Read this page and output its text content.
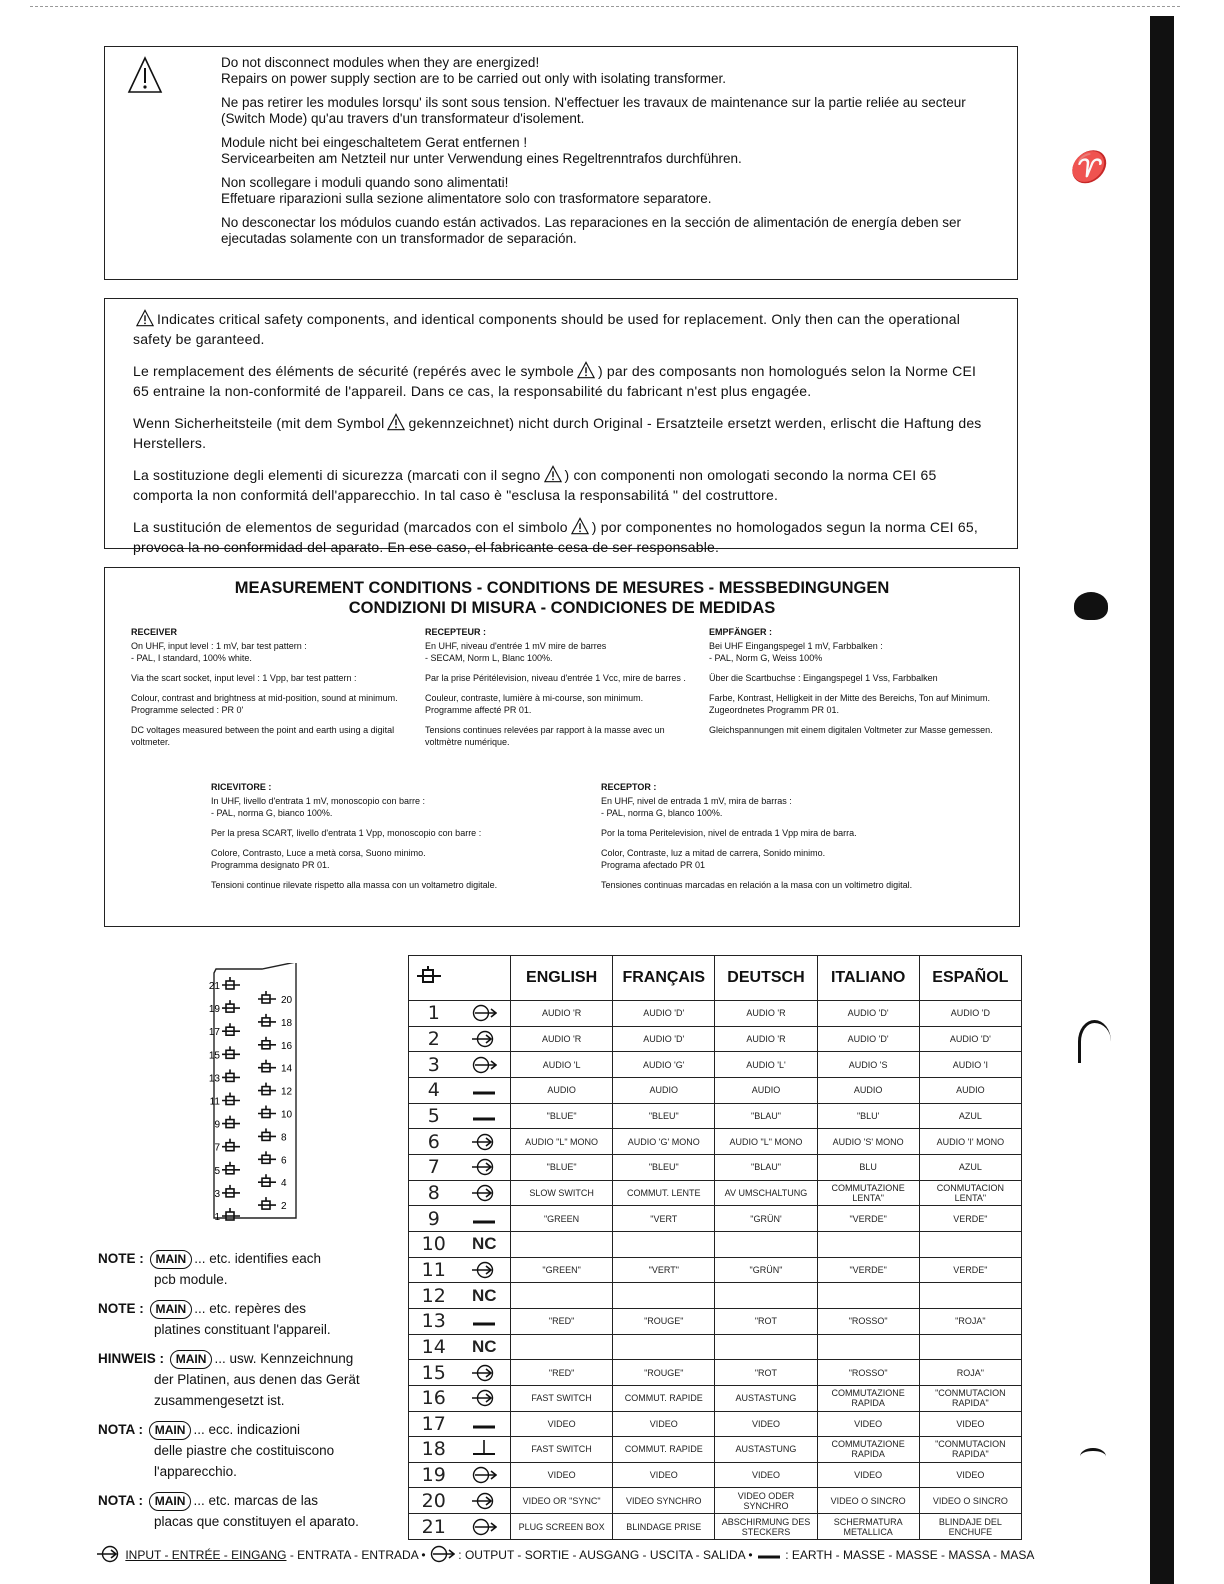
♈

Do not disconnect modules when they are energized!
Repairs on power supply section are to be carried out only with isolating transformer.

Ne pas retirer les modules lorsqu' ils sont sous tension. N'effectuer les travaux de maintenance sur la partie reliée au secteur (Switch Mode) qu'au travers d'un transformateur d'isolement.

Module nicht bei eingeschaltetem Gerat entfernen !
Servicearbeiten am Netzteil nur unter Verwendung eines Regeltrenntrafos durchführen.

Non scollegare i moduli quando sono alimentati!
Effetuare riparazioni sulla sezione alimentatore solo con trasformatore separatore.

No desconectar los módulos cuando están activados. Las reparaciones en la sección de alimentación de energía deben ser ejecutadas solamente con un transformador de separación.

Indicates critical safety components, and identical components should be used for replacement. Only then can the operational safety be garanteed.

Le remplacement des éléments de sécurité (repérés avec le symbole ) par des composants non homologués selon la Norme CEI 65 entraine la non-conformité de l'appareil. Dans ce cas, la responsabilité du fabricant n'est plus engagée.

Wenn Sicherheitsteile (mit dem Symbol gekennzeichnet) nicht durch Original - Ersatzteile ersetzt werden, erlischt die Haftung des Herstellers.

La sostituzione degli elementi di sicurezza (marcati con il segno ) con componenti non omologati secondo la norma CEI 65 comporta la non conformitá dell'apparecchio. In tal caso è "esclusa la responsabilitá " del costruttore.

La sustitución de elementos de seguridad (marcados con el simbolo ) por componentes no homologados segun la norma CEI 65, provoca la no conformidad del aparato. En ese caso, el fabricante cesa de ser responsable.

MEASUREMENT CONDITIONS - CONDITIONS DE MESURES - MESSBEDINGUNGEN
CONDIZIONI DI MISURA - CONDICIONES DE MEDIDAS
RECEIVER

On UHF, input level : 1 mV, bar test pattern :
- PAL, I standard, 100% white.

Via the scart socket, input level : 1 Vpp, bar test pattern :

Colour, contrast and brightness at mid-position, sound at minimum.
Programme selected : PR 0'

DC voltages measured between the point and earth using a digital
voltmeter.

RECEPTEUR :

En UHF, niveau d'entrée 1 mV mire de barres
- SECAM, Norm L, Blanc 100%.

Par la prise Péritélevision, niveau d'entrée 1 Vcc, mire de barres .

Couleur, contraste, lumière à mi-course, son minimum.
Programme affecté PR 01.

Tensions continues relevées par rapport à la masse avec un
voltmètre numérique.

EMPFÄNGER :

Bei UHF Eingangspegel 1 mV, Farbbalken :
- PAL, Norm G, Weiss 100%

Über die Scartbuchse : Eingangspegel 1 Vss, Farbbalken

Farbe, Kontrast, Helligkeit in der Mitte des Bereichs, Ton auf Minimum.
Zugeordnetes Programm PR 01.

Gleichspannungen mit einem digitalen Voltmeter zur Masse gemessen.

RICEVITORE :

In UHF, livello d'entrata 1 mV, monoscopio con barre :
- PAL, norma G, bianco 100%.

Per la presa SCART, livello d'entrata 1 Vpp, monoscopio con barre :

Colore, Contrasto, Luce a metà corsa, Suono minimo.
Programma designato PR 01.

Tensioni continue rilevate rispetto alla massa con un voltametro digitale.

RECEPTOR :

En UHF, nivel de entrada 1 mV, mira de barras :
- PAL, norma G, blanco 100%.

Por la toma Peritelevision, nivel de entrada 1 Vpp mira de barra.

Color, Contraste, luz a mitad de carrera, Sonido minimo.
Programa afectado PR 01

Tensiones continuas marcadas en relación a la masa con un voltimetro digital.

21
19
17
15
13
11
9
7
5
3
1
20
18
16
14
12
10
8
6
4
2
NOTE : MAIN ... etc. identifies each
pcb module.
NOTE : MAIN ... etc. repères des
platines constituant l'appareil.
HINWEIS : MAIN ... usw. Kennzeichnung
der Platinen, aus denen das Gerät zusammengesetzt ist.
NOTA : MAIN ... ecc. indicazioni
delle piastre che costituiscono l'apparecchio.
NOTA : MAIN ... etc. marcas de las
placas que constituyen el aparato.
	ENGLISH	FRANÇAIS	DEUTSCH	ITALIANO	ESPAÑOL
1		AUDIO 'R	AUDIO 'D'	AUDIO 'R	AUDIO 'D'	AUDIO 'D
2		AUDIO 'R	AUDIO 'D'	AUDIO 'R	AUDIO 'D'	AUDIO 'D'
3		AUDIO 'L	AUDIO 'G'	AUDIO 'L'	AUDIO 'S	AUDIO 'I
4		AUDIO	AUDIO	AUDIO	AUDIO	AUDIO
5		"BLUE"	"BLEU"	"BLAU"	"BLU'	AZUL
6		AUDIO "L" MONO	AUDIO 'G' MONO	AUDIO "L" MONO	AUDIO 'S' MONO	AUDIO 'I' MONO
7		"BLUE"	"BLEU"	"BLAU"	BLU	AZUL
8		SLOW SWITCH	COMMUT. LENTE	AV UMSCHALTUNG	COMMUTAZIONE LENTA"	CONMUTACION LENTA"
9		"GREEN	"VERT	"GRÜN'	"VERDE"	VERDE"
10	NC					
11		"GREEN"	"VERT"	"GRÜN"	"VERDE"	VERDE"
12	NC					
13		"RED"	"ROUGE"	"ROT	"ROSSO"	"ROJA"
14	NC					
15		"RED"	"ROUGE"	"ROT	"ROSSO"	ROJA"
16		FAST SWITCH	COMMUT. RAPIDE	AUSTASTUNG	COMMUTAZIONE RAPIDA	"CONMUTACION RAPIDA"
17		VIDEO	VIDEO	VIDEO	VIDEO	VIDEO
18		FAST SWITCH	COMMUT. RAPIDE	AUSTASTUNG	COMMUTAZIONE RAPIDA	"CONMUTACION RAPIDA"
19		VIDEO	VIDEO	VIDEO	VIDEO	VIDEO
20		VIDEO OR "SYNC"	VIDEO SYNCHRO	VIDEO ODER SYNCHRO	VIDEO O SINCRO	VIDEO O SINCRO
21		PLUG SCREEN BOX	BLINDAGE PRISE	ABSCHIRMUNG DES STECKERS	SCHERMATURA METALLICA	BLINDAJE DEL ENCHUFE
INPUT - ENTRÉE - EINGANG - ENTRATA - ENTRADA •  : OUTPUT - SORTIE - AUSGANG - USCITA - SALIDA •  : EARTH - MASSE - MASSE - MASSA - MASA
